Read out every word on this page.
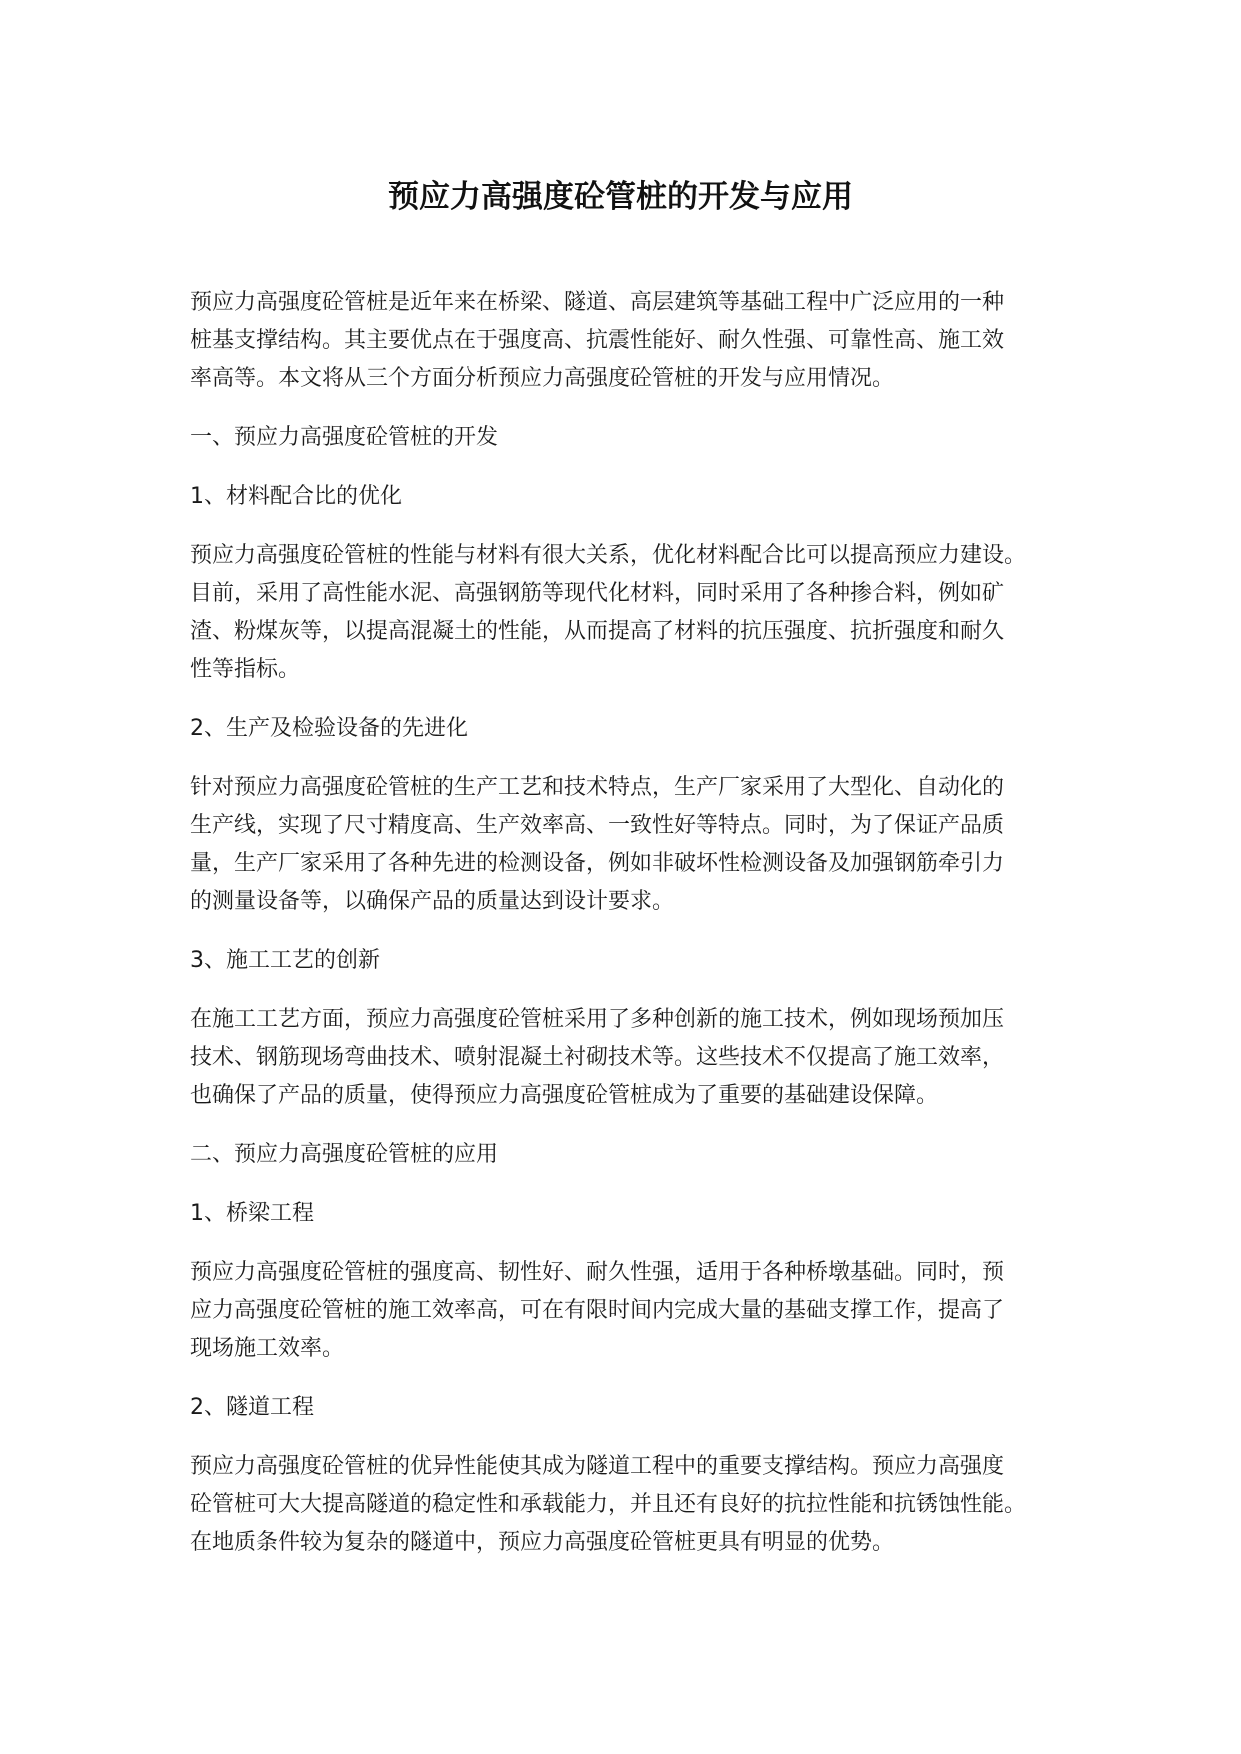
预应力高强度砼管桩的开发与应用

预应力高强度砼管桩是近年来在桥梁、隧道、高层建筑等基础工程中广泛应用的一种
桩基支撑结构。其主要优点在于强度高、抗震性能好、耐久性强、可靠性高、施工效
率高等。本文将从三个方面分析预应力高强度砼管桩的开发与应用情况。

一、预应力高强度砼管桩的开发

1、材料配合比的优化

预应力高强度砼管桩的性能与材料有很大关系，优化材料配合比可以提高预应力建设。
目前，采用了高性能水泥、高强钢筋等现代化材料，同时采用了各种掺合料，例如矿
渣、粉煤灰等，以提高混凝土的性能，从而提高了材料的抗压强度、抗折强度和耐久
性等指标。

2、生产及检验设备的先进化

针对预应力高强度砼管桩的生产工艺和技术特点，生产厂家采用了大型化、自动化的
生产线，实现了尺寸精度高、生产效率高、一致性好等特点。同时，为了保证产品质
量，生产厂家采用了各种先进的检测设备，例如非破坏性检测设备及加强钢筋牵引力
的测量设备等，以确保产品的质量达到设计要求。

3、施工工艺的创新

在施工工艺方面，预应力高强度砼管桩采用了多种创新的施工技术，例如现场预加压
技术、钢筋现场弯曲技术、喷射混凝土衬砌技术等。这些技术不仅提高了施工效率，
也确保了产品的质量，使得预应力高强度砼管桩成为了重要的基础建设保障。

二、预应力高强度砼管桩的应用

1、桥梁工程

预应力高强度砼管桩的强度高、韧性好、耐久性强，适用于各种桥墩基础。同时，预
应力高强度砼管桩的施工效率高，可在有限时间内完成大量的基础支撑工作，提高了
现场施工效率。

2、隧道工程

预应力高强度砼管桩的优异性能使其成为隧道工程中的重要支撑结构。预应力高强度
砼管桩可大大提高隧道的稳定性和承载能力，并且还有良好的抗拉性能和抗锈蚀性能。
在地质条件较为复杂的隧道中，预应力高强度砼管桩更具有明显的优势。
